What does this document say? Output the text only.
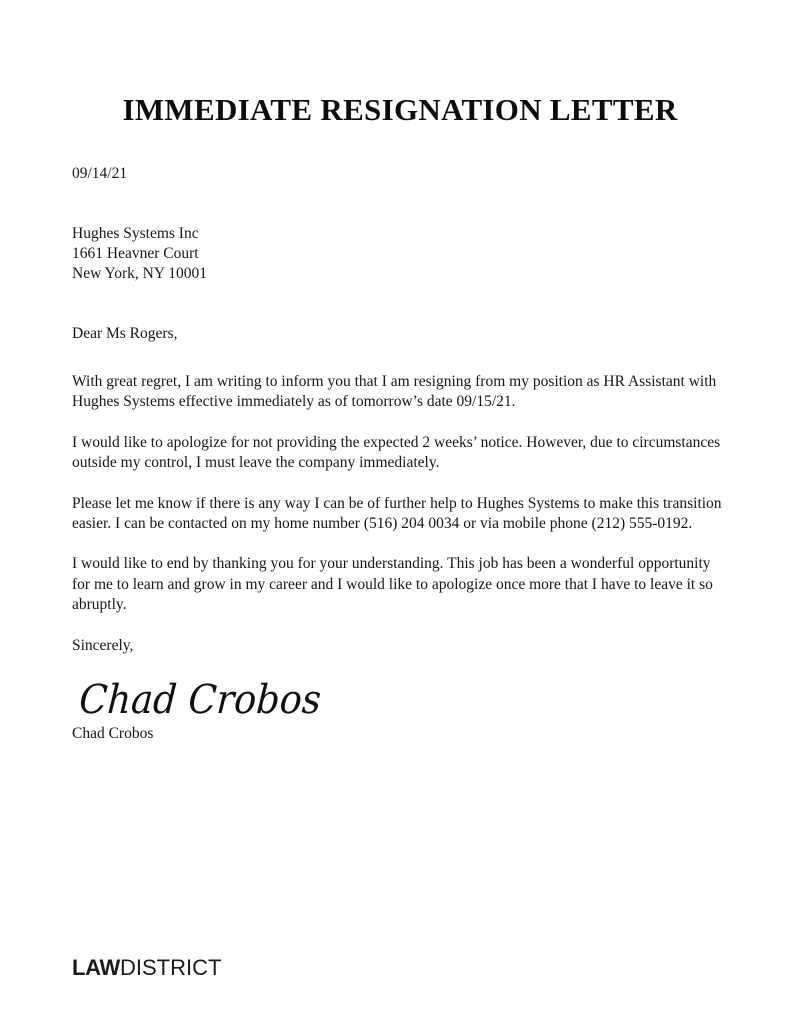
IMMEDIATE RESIGNATION LETTER

09/14/21

Hughes Systems Inc
1661 Heavner Court
New York, NY 10001

Dear Ms Rogers,

With great regret, I am writing to inform you that I am resigning from my position as HR Assistant with Hughes Systems effective immediately as of tomorrow’s date 09/15/21.

I would like to apologize for not providing the expected 2 weeks’ notice. However, due to circumstances outside my control, I must leave the company immediately.

Please let me know if there is any way I can be of further help to Hughes Systems to make this transition easier. I can be contacted on my home number (516) 204 0034 or via mobile phone (212) 555-0192.

I would like to end by thanking you for your understanding. This job has been a wonderful opportunity for me to learn and grow in my career and I would like to apologize once more that I have to leave it so abruptly.

Sincerely,

Chad Crobos

Chad Crobos

LAWDISTRICT
